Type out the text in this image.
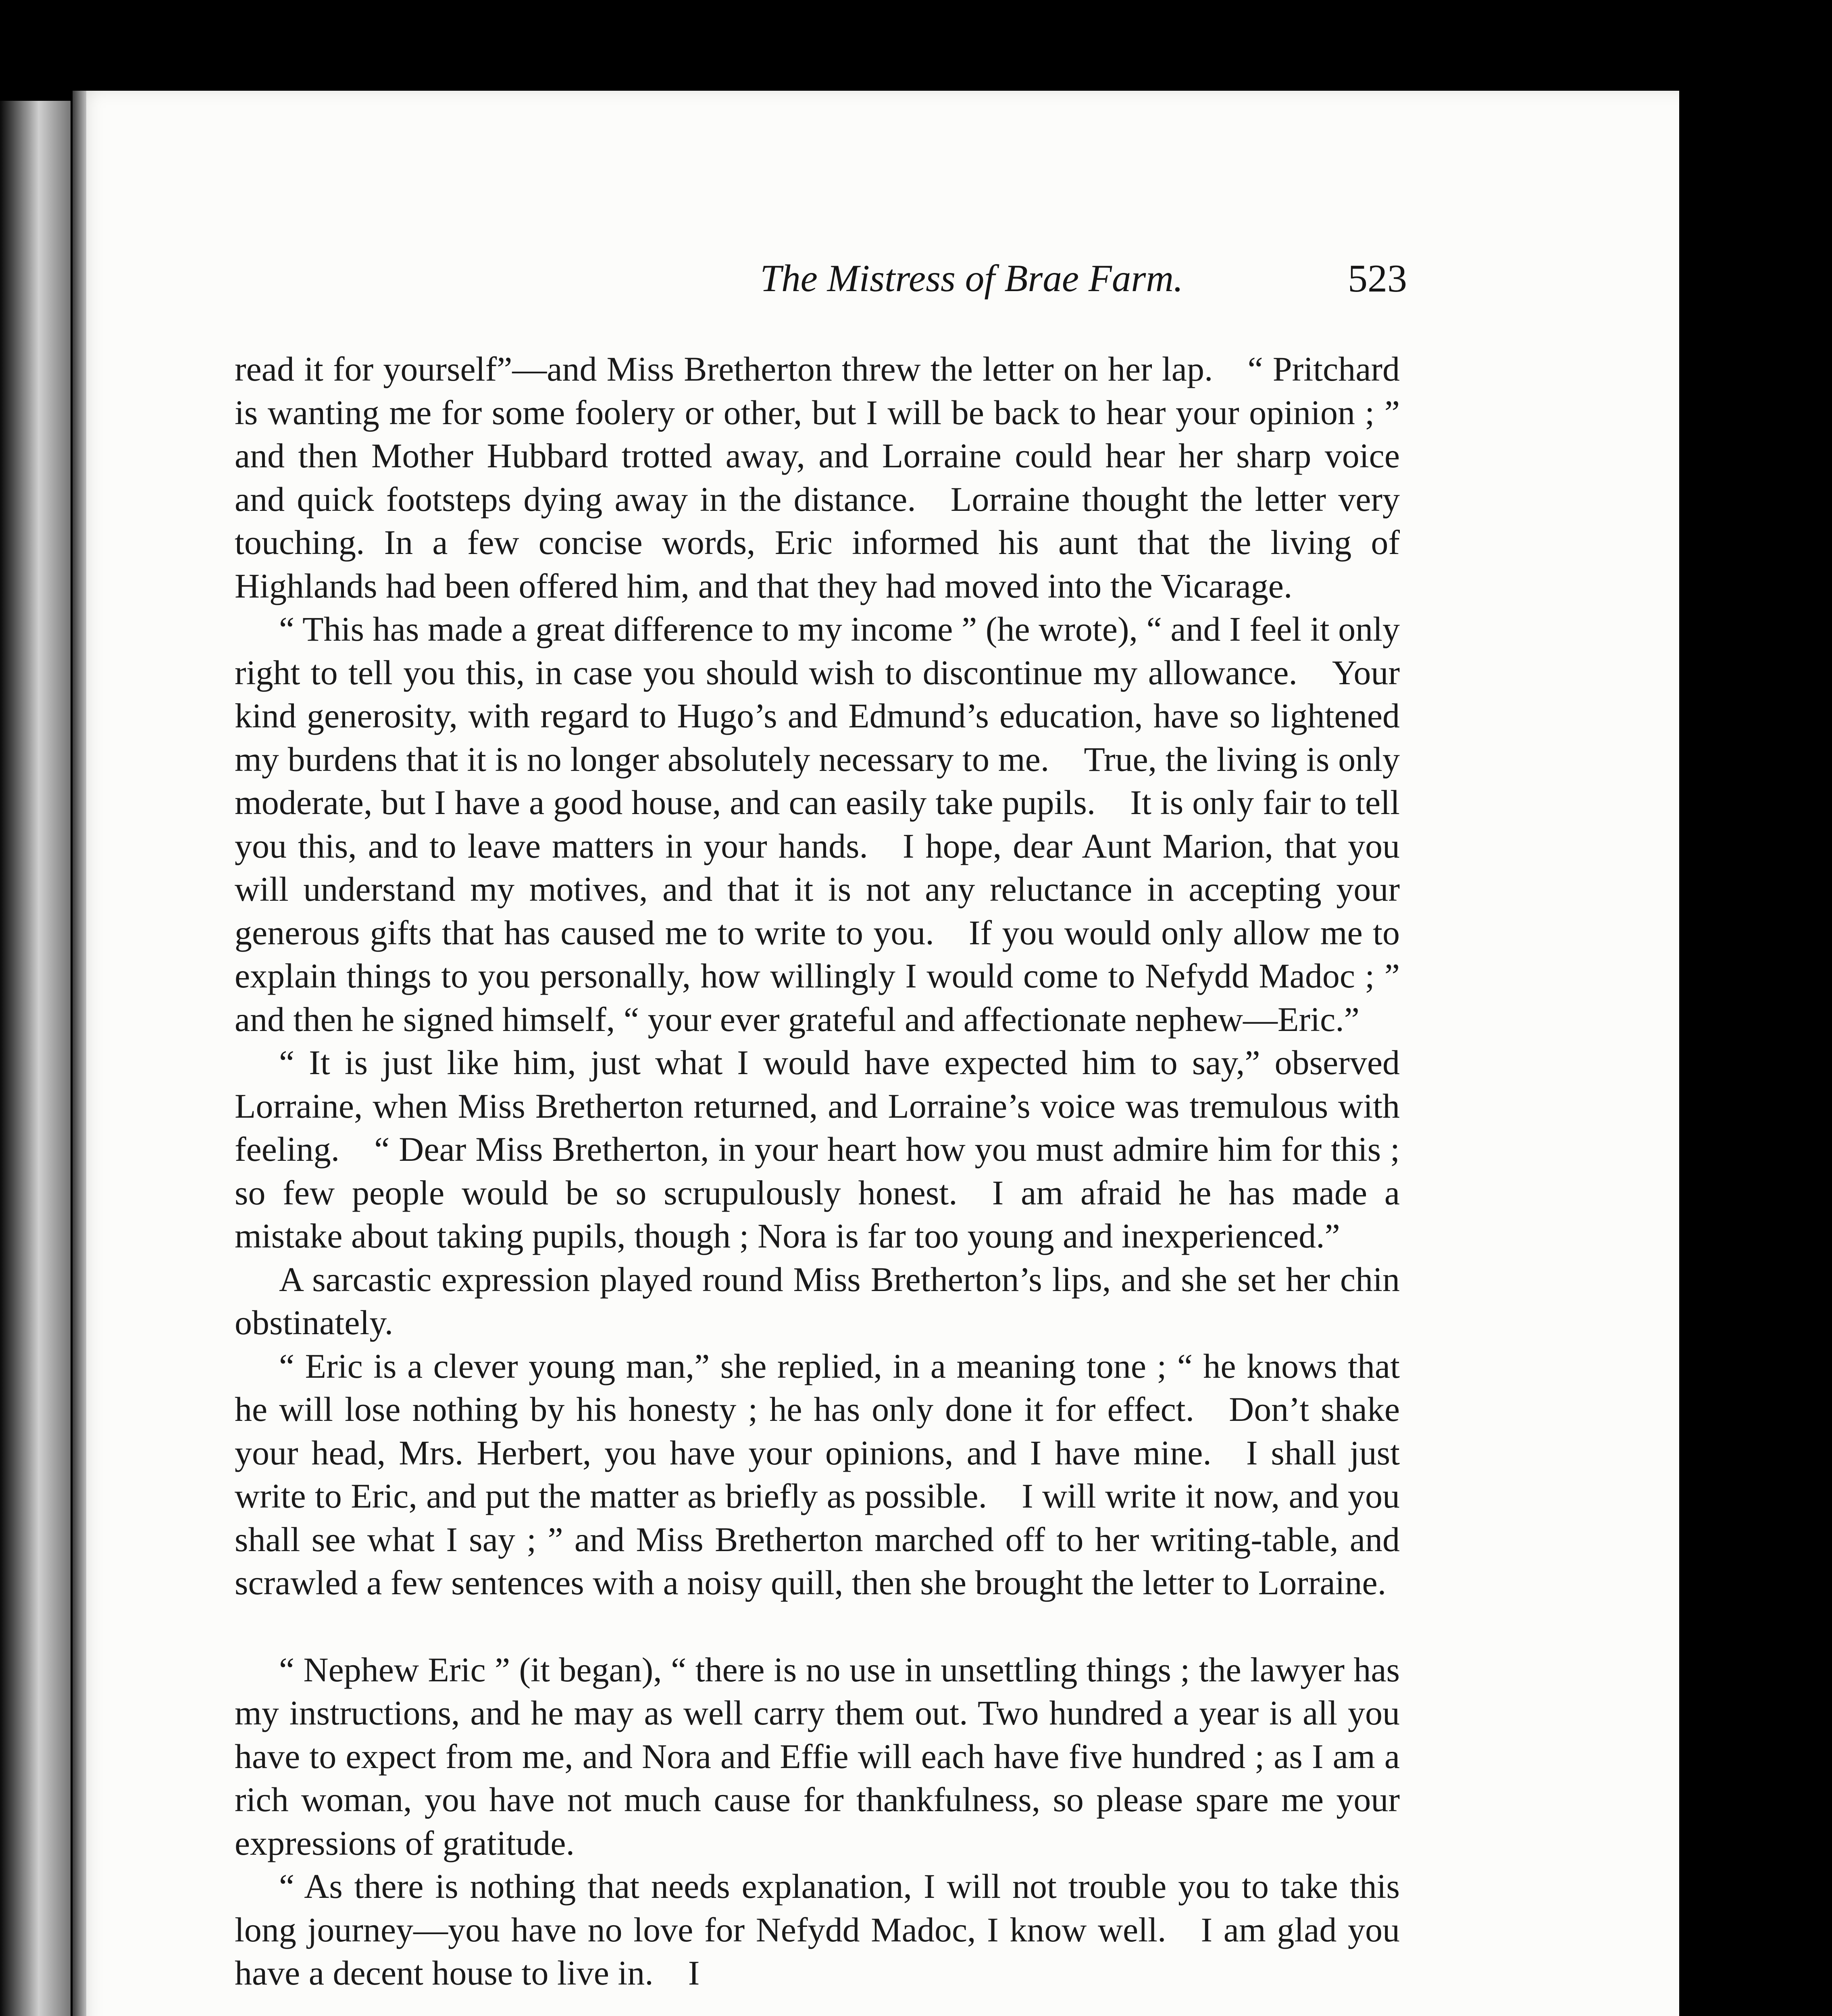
The Mistress of Brae Farm.	523

read it for yourself”—and Miss Bretherton threw the letter on her lap. “ Pritchard is wanting me for some foolery or other, but I will be back to hear your opinion ; ” and then Mother Hubbard trotted away, and Lorraine could hear her sharp voice and quick footsteps dying away in the distance. Lorraine thought the letter very touching. In a few concise words, Eric informed his aunt that the living of Highlands had been offered him, and that they had moved into the Vicarage.

“ This has made a great difference to my income ” (he wrote), “ and I feel it only right to tell you this, in case you should wish to discontinue my allowance. Your kind generosity, with regard to Hugo’s and Edmund’s education, have so lightened my burdens that it is no longer absolutely necessary to me. True, the living is only moderate, but I have a good house, and can easily take pupils. It is only fair to tell you this, and to leave matters in your hands. I hope, dear Aunt Marion, that you will understand my motives, and that it is not any reluctance in accepting your generous gifts that has caused me to write to you. If you would only allow me to explain things to you personally, how willingly I would come to Nefydd Madoc ; ” and then he signed himself, “ your ever grateful and affectionate nephew—Eric.”

“ It is just like him, just what I would have expected him to say,” observed Lorraine, when Miss Bretherton returned, and Lorraine’s voice was tremulous with feeling. “ Dear Miss Bretherton, in your heart how you must admire him for this ; so few people would be so scrupulously honest. I am afraid he has made a mistake about taking pupils, though ; Nora is far too young and inexperienced.”

A sarcastic expression played round Miss Bretherton’s lips, and she set her chin obstinately.

“ Eric is a clever young man,” she replied, in a meaning tone ; “ he knows that he will lose nothing by his honesty ; he has only done it for effect. Don’t shake your head, Mrs. Herbert, you have your opinions, and I have mine. I shall just write to Eric, and put the matter as briefly as possible. I will write it now, and you shall see what I say ; ” and Miss Bretherton marched off to her writing-table, and scrawled a few sentences with a noisy quill, then she brought the letter to Lorraine.

“ Nephew Eric ” (it began), “ there is no use in unsettling things ; the lawyer has my instructions, and he may as well carry them out. Two hundred a year is all you have to expect from me, and Nora and Effie will each have five hundred ; as I am a rich woman, you have not much cause for thankfulness, so please spare me your expressions of gratitude.

“ As there is nothing that needs explanation, I will not trouble you to take this long journey—you have no love for Nefydd Madoc, I know well. I am glad you have a decent house to live in. I
